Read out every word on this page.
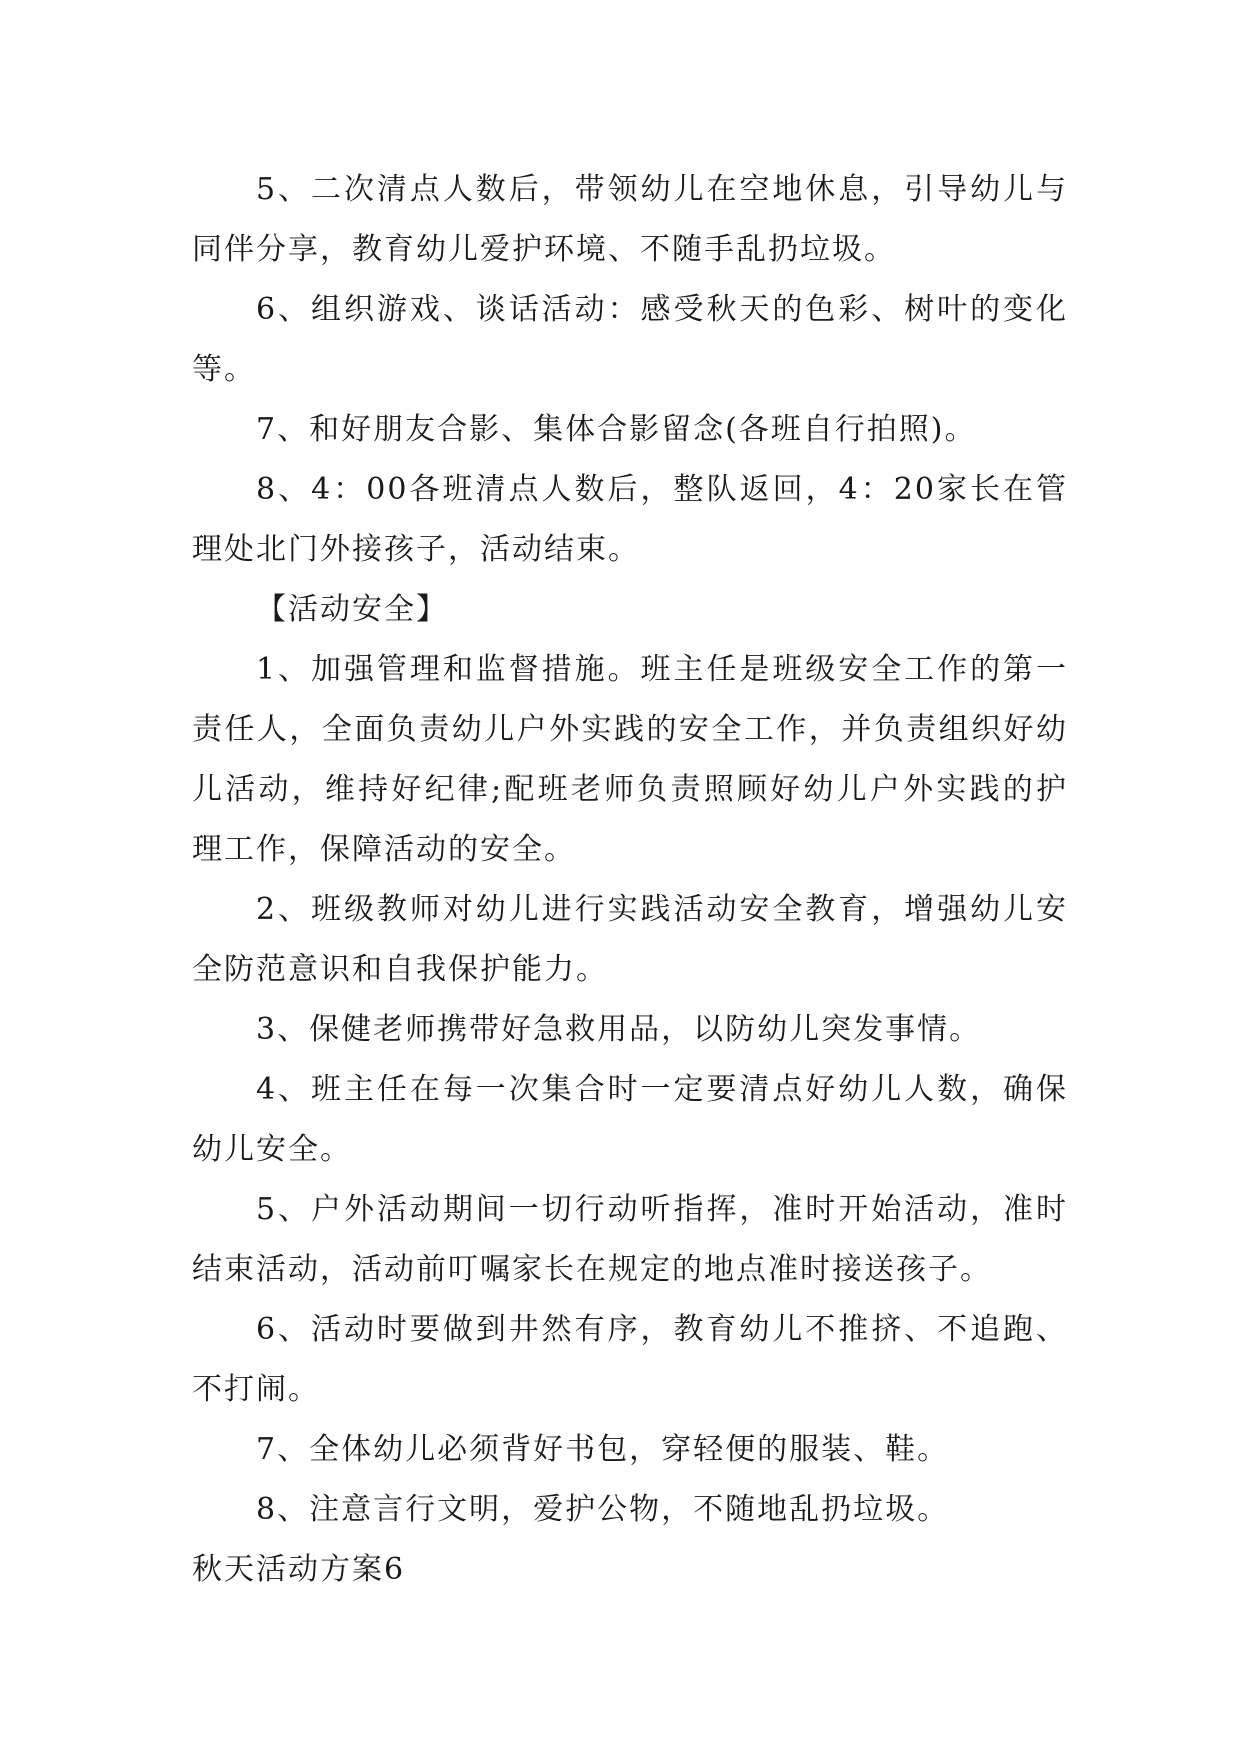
5、二次清点人数后，带领幼儿在空地休息，引导幼儿与同伴分享，教育幼儿爱护环境、不随手乱扔垃圾。

6、组织游戏、谈话活动：感受秋天的色彩、树叶的变化等。

7、和好朋友合影、集体合影留念(各班自行拍照)。

8、4：00各班清点人数后，整队返回，4：20家长在管理处北门外接孩子，活动结束。

【活动安全】

1、加强管理和监督措施。班主任是班级安全工作的第一责任人，全面负责幼儿户外实践的安全工作，并负责组织好幼儿活动，维持好纪律;配班老师负责照顾好幼儿户外实践的护理工作，保障活动的安全。

2、班级教师对幼儿进行实践活动安全教育，增强幼儿安全防范意识和自我保护能力。

3、保健老师携带好急救用品，以防幼儿突发事情。

4、班主任在每一次集合时一定要清点好幼儿人数，确保幼儿安全。

5、户外活动期间一切行动听指挥，准时开始活动，准时结束活动，活动前叮嘱家长在规定的地点准时接送孩子。

6、活动时要做到井然有序，教育幼儿不推挤、不追跑、不打闹。

7、全体幼儿必须背好书包，穿轻便的服装、鞋。

8、注意言行文明，爱护公物，不随地乱扔垃圾。

秋天活动方案6
